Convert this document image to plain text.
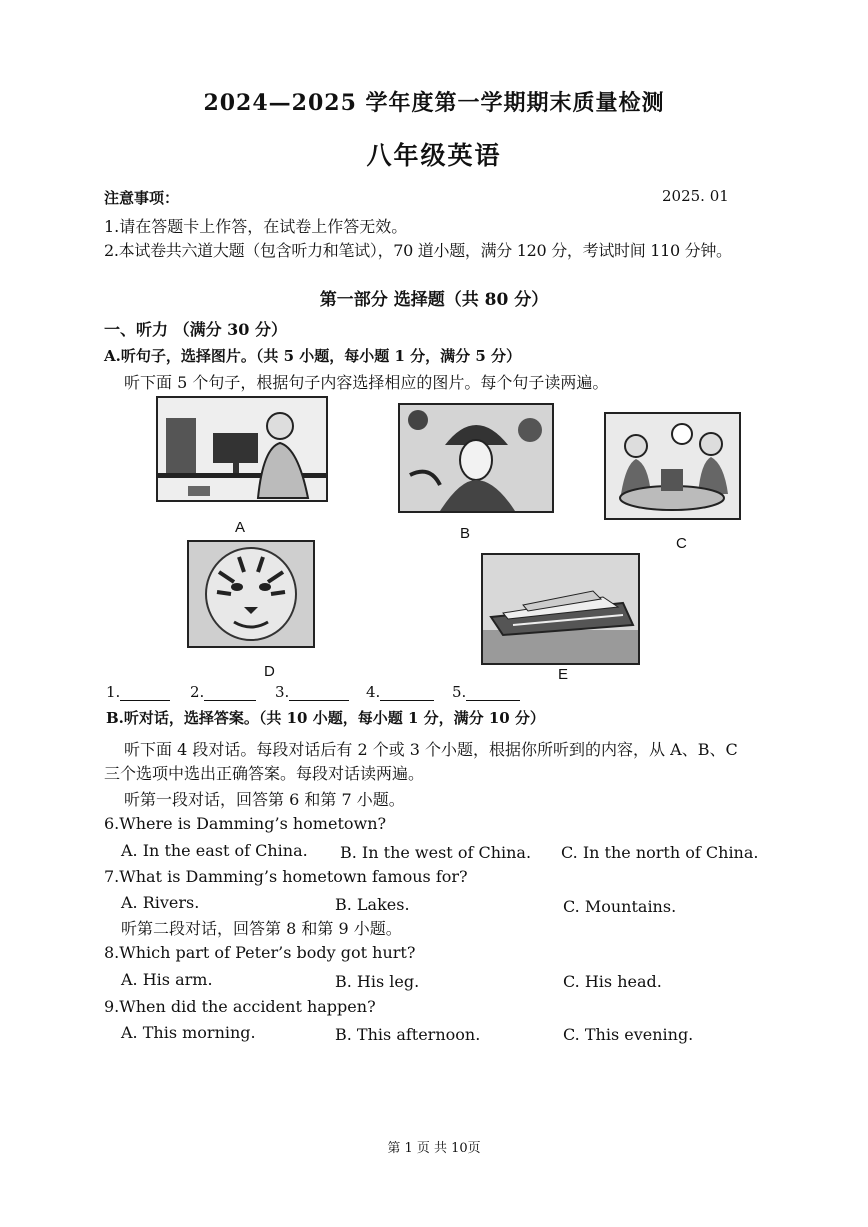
2024—2025 学年度第一学期期末质量检测
八年级英语
注意事项：	2025. 01
1.请在答题卡上作答，在试卷上作答无效。
2.本试卷共六道大题（包含听力和笔试），70 道小题，满分 120 分，考试时间 110 分钟。
第一部分 选择题（共 80 分）
一、听力 （满分 30 分）
A.听句子，选择图片。（共 5 小题，每小题 1 分，满分 5 分）
听下面 5 个句子，根据句子内容选择相应的图片。每个句子读两遍。
A	B
C
D	E
1.	2.	3.	4.	5.
B.听对话，选择答案。（共 10 小题，每小题 1 分，满分 10 分）
听下面 4 段对话。每段对话后有 2 个或 3 个小题，根据你所听到的内容，从 A、B、C
三个选项中选出正确答案。每段对话读两遍。
听第一段对话，回答第 6 和第 7 小题。
6.Where is Damming’s hometown?
A. In the east of China. B. In the west of China. C. In the north of China.
7.What is Damming’s hometown famous for?
A. Rivers.	B. Lakes.	C. Mountains.
听第二段对话，回答第 8 和第 9 小题。
8.Which part of Peter’s body got hurt?
A. His arm.	B. His leg.	C. His head.
9.When did the accident happen?
A. This morning.	B. This afternoon.	C. This evening.
第 1 页 共 10页
